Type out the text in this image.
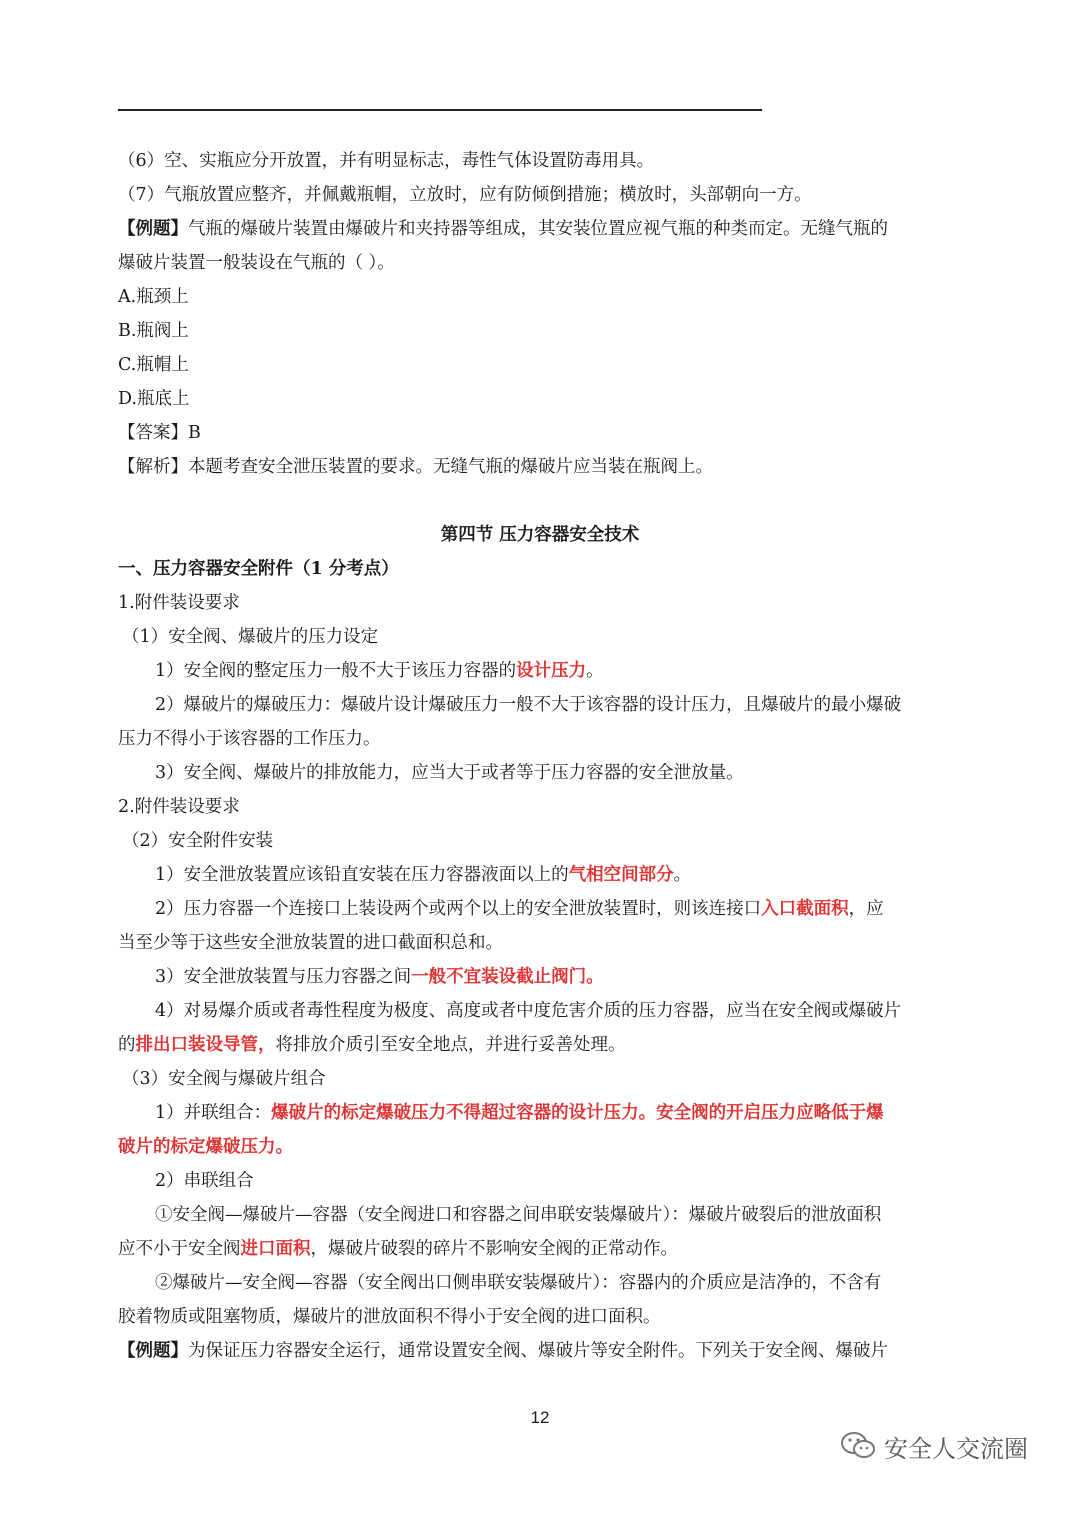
（6）空、实瓶应分开放置，并有明显标志，毒性气体设置防毒用具。
（7）气瓶放置应整齐，并佩戴瓶帽，立放时，应有防倾倒措施；横放时，头部朝向一方。
【例题】气瓶的爆破片装置由爆破片和夹持器等组成，其安装位置应视气瓶的种类而定。无缝气瓶的
爆破片装置一般装设在气瓶的（ ）。
A.瓶颈上
B.瓶阀上
C.瓶帽上
D.瓶底上
【答案】B
【解析】本题考查安全泄压装置的要求。无缝气瓶的爆破片应当装在瓶阀上。
第四节 压力容器安全技术
一、压力容器安全附件（1 分考点）
1.附件装设要求
（1）安全阀、爆破片的压力设定
1）安全阀的整定压力一般不大于该压力容器的设计压力。
2）爆破片的爆破压力：爆破片设计爆破压力一般不大于该容器的设计压力，且爆破片的最小爆破
压力不得小于该容器的工作压力。
3）安全阀、爆破片的排放能力，应当大于或者等于压力容器的安全泄放量。
2.附件装设要求
（2）安全附件安装
1）安全泄放装置应该铅直安装在压力容器液面以上的气相空间部分。
2）压力容器一个连接口上装设两个或两个以上的安全泄放装置时，则该连接口入口截面积，应
当至少等于这些安全泄放装置的进口截面积总和。
3）安全泄放装置与压力容器之间一般不宜装设截止阀门。
4）对易爆介质或者毒性程度为极度、高度或者中度危害介质的压力容器，应当在安全阀或爆破片
的排出口装设导管，将排放介质引至安全地点，并进行妥善处理。
（3）安全阀与爆破片组合
1）并联组合：爆破片的标定爆破压力不得超过容器的设计压力。安全阀的开启压力应略低于爆
破片的标定爆破压力。
2）串联组合
①安全阀—爆破片—容器（安全阀进口和容器之间串联安装爆破片）：爆破片破裂后的泄放面积
应不小于安全阀进口面积，爆破片破裂的碎片不影响安全阀的正常动作。
②爆破片—安全阀—容器（安全阀出口侧串联安装爆破片）：容器内的介质应是洁净的，不含有
胶着物质或阻塞物质，爆破片的泄放面积不得小于安全阀的进口面积。
【例题】为保证压力容器安全运行，通常设置安全阀、爆破片等安全附件。下列关于安全阀、爆破片
12
安全人交流圈
